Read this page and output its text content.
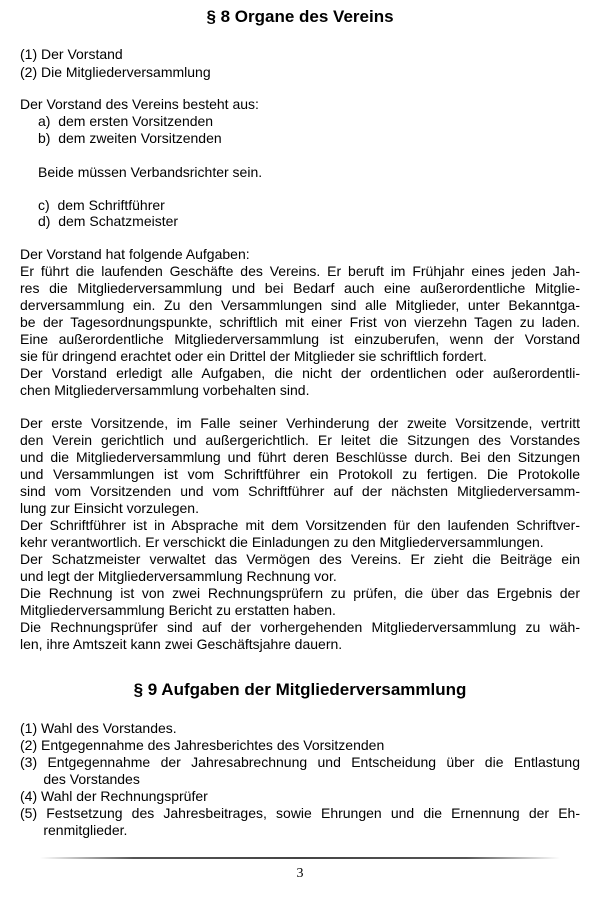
§ 8 Organe des Vereins
(1) Der Vorstand
(2) Die Mitgliederversammlung
Der Vorstand des Vereins besteht aus:
a)  dem ersten Vorsitzenden
b)  dem zweiten Vorsitzenden
Beide müssen Verbandsrichter sein.
c)  dem Schriftführer
d)  dem Schatzmeister
Der Vorstand hat folgende Aufgaben:
Er führt die laufenden Geschäfte des Vereins. Er beruft im Frühjahr eines jeden Jah-
res die Mitgliederversammlung und bei Bedarf auch eine außerordentliche Mitglie-
derversammlung ein. Zu den Versammlungen sind alle Mitglieder, unter Bekanntga-
be der Tagesordnungspunkte, schriftlich mit einer Frist von vierzehn Tagen zu laden.
Eine außerordentliche Mitgliederversammlung ist einzuberufen, wenn der Vorstand
sie für dringend erachtet oder ein Drittel der Mitglieder sie schriftlich fordert.
Der Vorstand erledigt alle Aufgaben, die nicht der ordentlichen oder außerordentli-
chen Mitgliederversammlung vorbehalten sind.
Der erste Vorsitzende, im Falle seiner Verhinderung der zweite Vorsitzende, vertritt
den Verein gerichtlich und außergerichtlich. Er leitet die Sitzungen des Vorstandes
und die Mitgliederversammlung und führt deren Beschlüsse durch. Bei den Sitzungen
und Versammlungen ist vom Schriftführer ein Protokoll zu fertigen. Die Protokolle
sind vom Vorsitzenden und vom Schriftführer auf der nächsten Mitgliederversamm-
lung zur Einsicht vorzulegen.
Der Schriftführer ist in Absprache mit dem Vorsitzenden für den laufenden Schriftver-
kehr verantwortlich. Er verschickt die Einladungen zu den Mitgliederversammlungen.
Der Schatzmeister verwaltet das Vermögen des Vereins. Er zieht die Beiträge ein
und legt der Mitgliederversammlung Rechnung vor.
Die Rechnung ist von zwei Rechnungsprüfern zu prüfen, die über das Ergebnis der
Mitgliederversammlung Bericht zu erstatten haben.
Die Rechnungsprüfer sind auf der vorhergehenden Mitgliederversammlung zu wäh-
len, ihre Amtszeit kann zwei Geschäftsjahre dauern.
§ 9 Aufgaben der Mitgliederversammlung
(1) Wahl des Vorstandes.
(2) Entgegennahme des Jahresberichtes des Vorsitzenden
(3) Entgegennahme der Jahresabrechnung und Entscheidung über die Entlastung
des Vorstandes
(4) Wahl der Rechnungsprüfer
(5) Festsetzung des Jahresbeitrages, sowie Ehrungen und die Ernennung der Eh-
renmitglieder.
3
